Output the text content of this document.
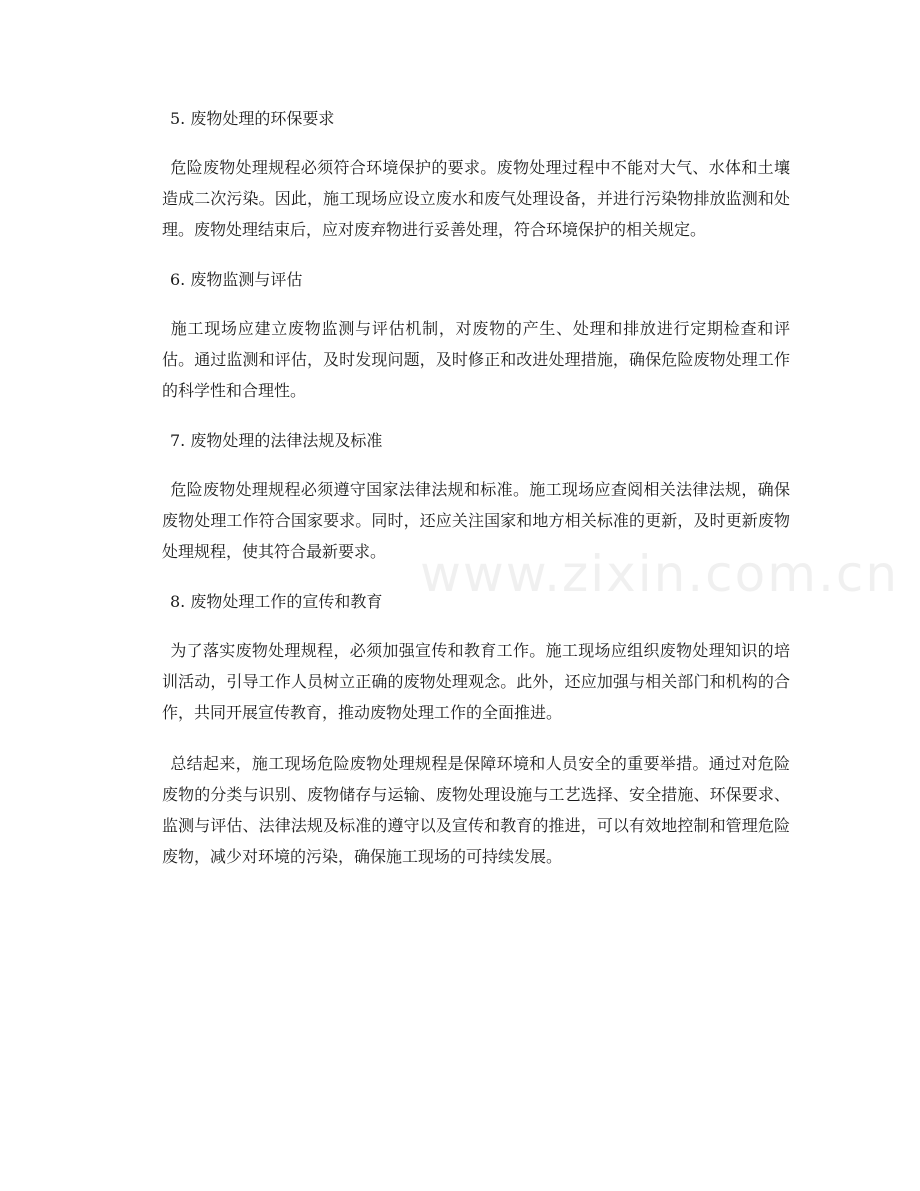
5. 废物处理的环保要求

危险废物处理规程必须符合环境保护的要求。废物处理过程中不能对大气、水体和土壤造成二次污染。因此，施工现场应设立废水和废气处理设备，并进行污染物排放监测和处理。废物处理结束后，应对废弃物进行妥善处理，符合环境保护的相关规定。

6. 废物监测与评估

施工现场应建立废物监测与评估机制，对废物的产生、处理和排放进行定期检查和评估。通过监测和评估，及时发现问题，及时修正和改进处理措施，确保危险废物处理工作的科学性和合理性。

7. 废物处理的法律法规及标准

危险废物处理规程必须遵守国家法律法规和标准。施工现场应查阅相关法律法规，确保废物处理工作符合国家要求。同时，还应关注国家和地方相关标准的更新，及时更新废物处理规程，使其符合最新要求。

8. 废物处理工作的宣传和教育

为了落实废物处理规程，必须加强宣传和教育工作。施工现场应组织废物处理知识的培训活动，引导工作人员树立正确的废物处理观念。此外，还应加强与相关部门和机构的合作，共同开展宣传教育，推动废物处理工作的全面推进。

总结起来，施工现场危险废物处理规程是保障环境和人员安全的重要举措。通过对危险废物的分类与识别、废物储存与运输、废物处理设施与工艺选择、安全措施、环保要求、监测与评估、法律法规及标准的遵守以及宣传和教育的推进，可以有效地控制和管理危险废物，减少对环境的污染，确保施工现场的可持续发展。

www.zixin.com.cn
